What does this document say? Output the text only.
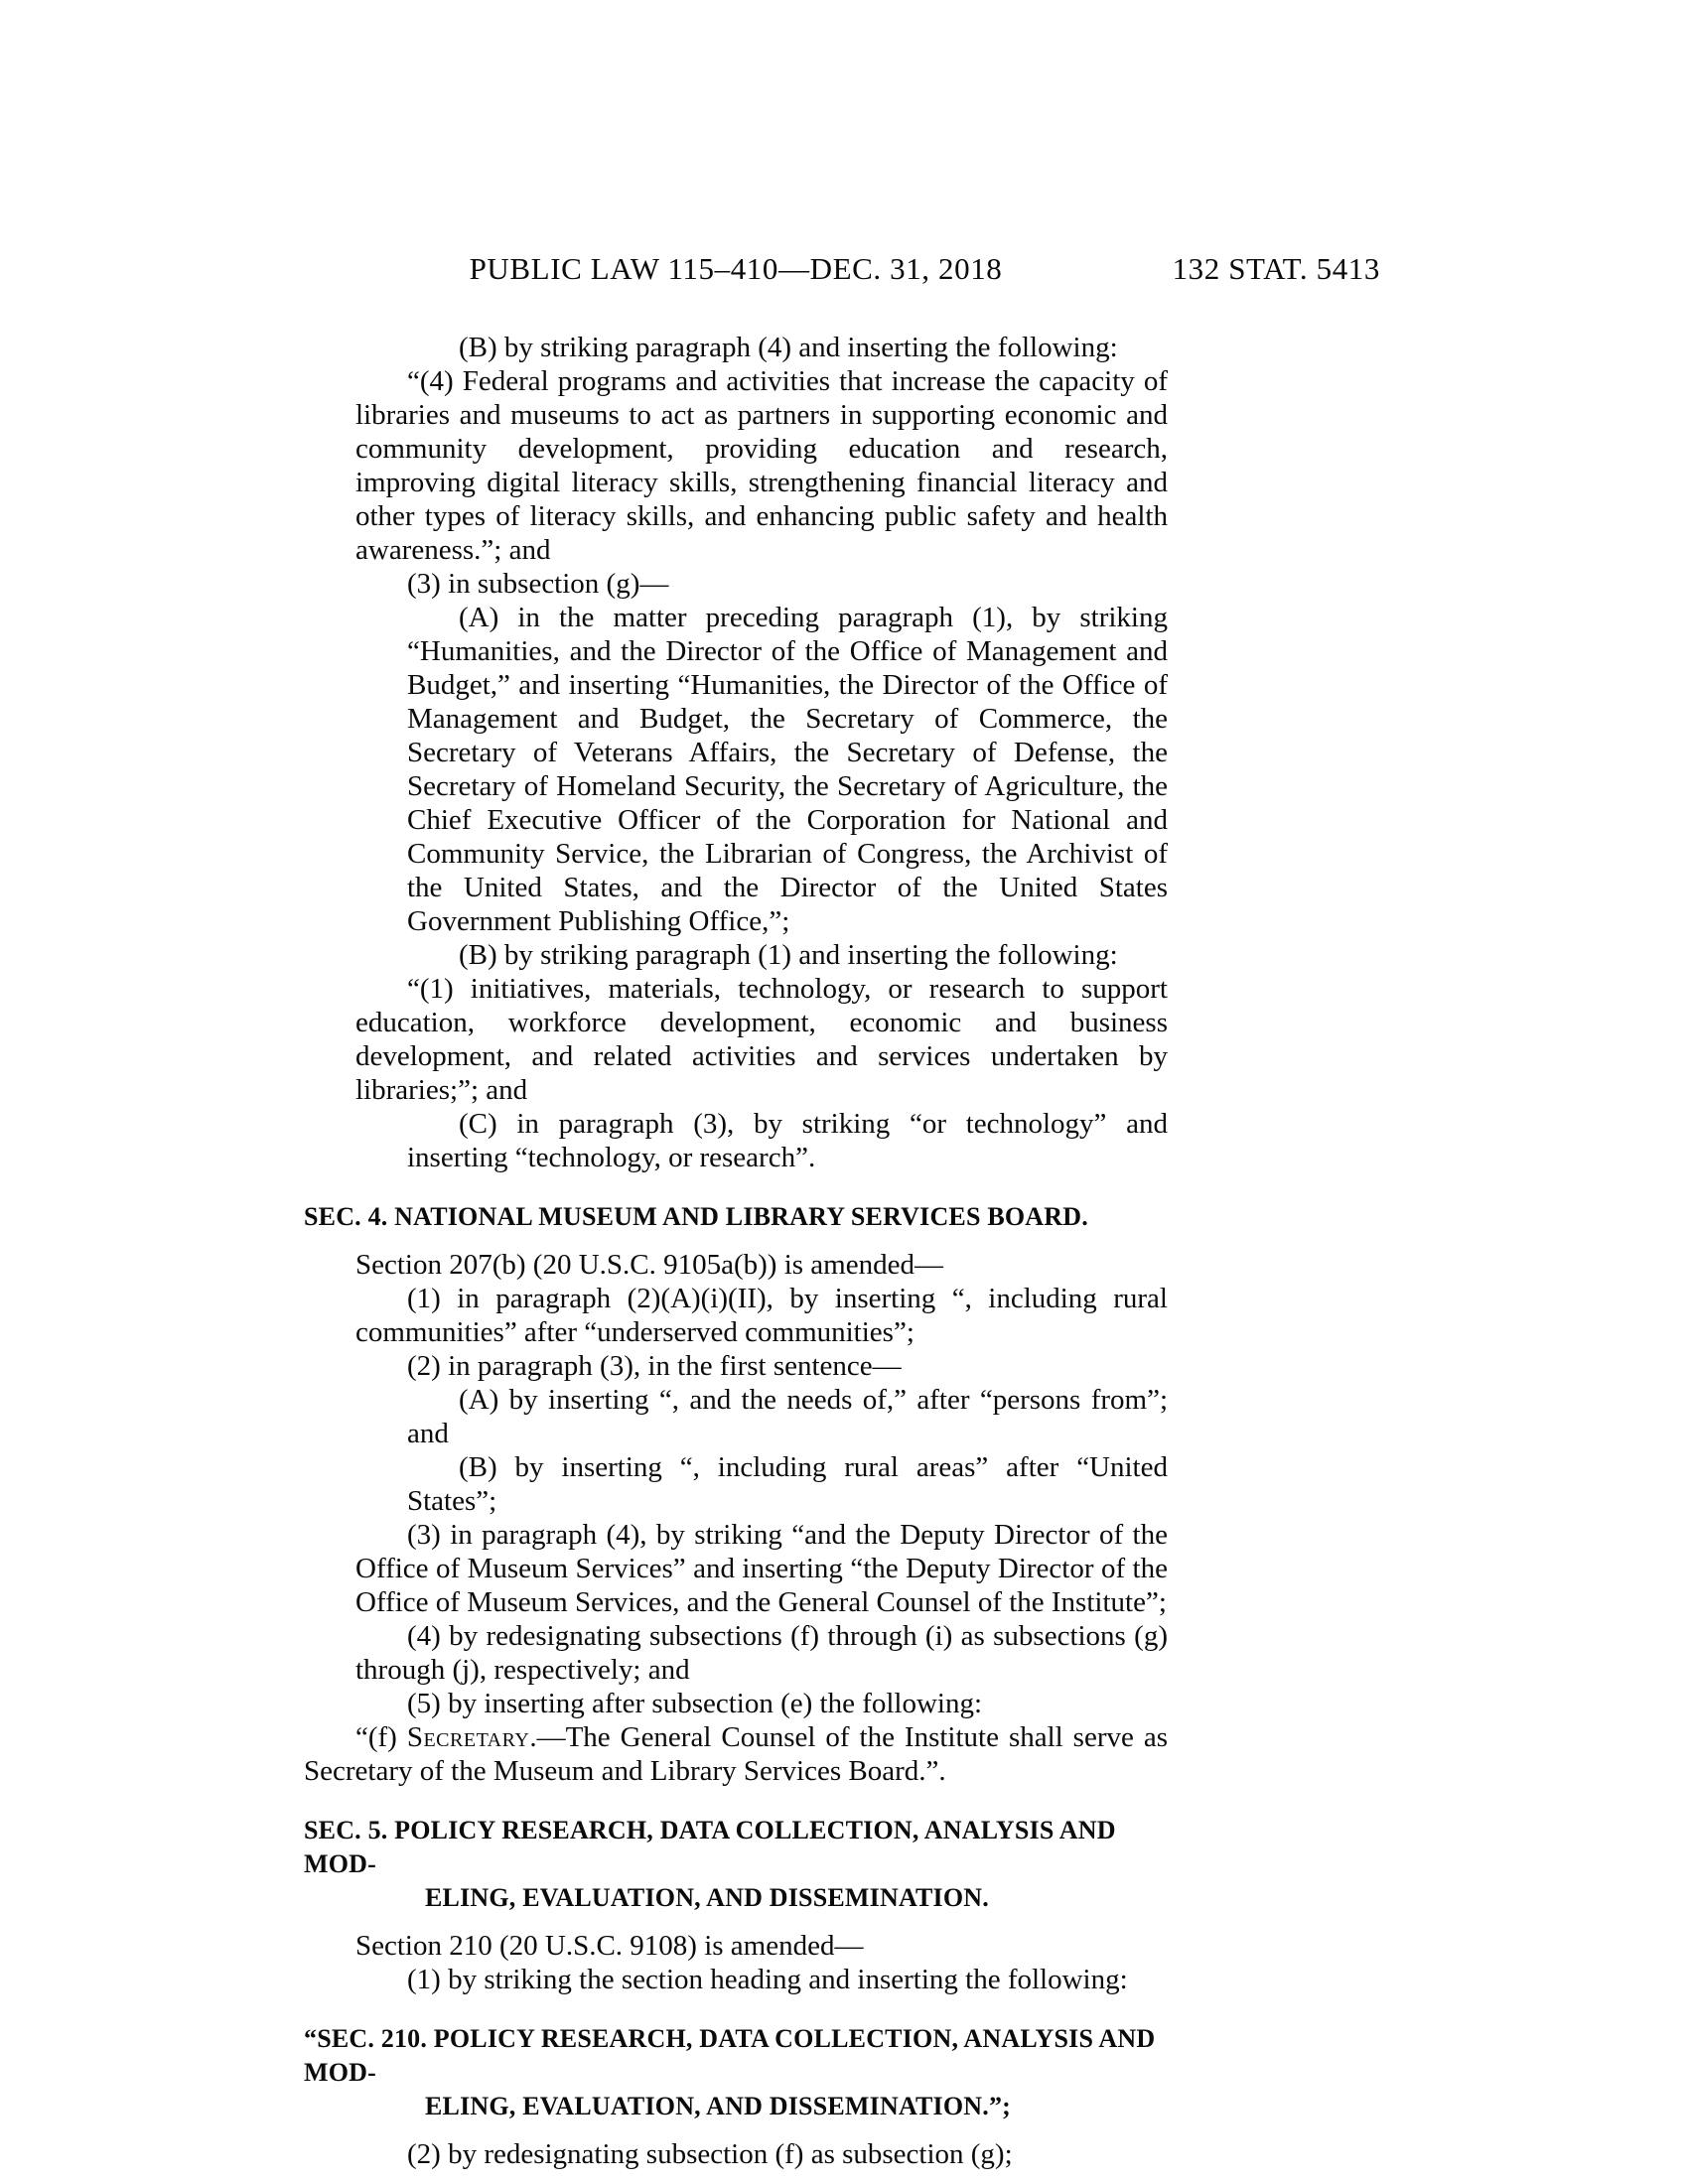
PUBLIC LAW 115–410—DEC. 31, 2018	132 STAT. 5413

(B) by striking paragraph (4) and inserting the following:

“(4) Federal programs and activities that increase the capacity of libraries and museums to act as partners in supporting economic and community development, providing education and research, improving digital literacy skills, strengthening financial literacy and other types of literacy skills, and enhancing public safety and health awareness.”; and

(3) in subsection (g)—

(A) in the matter preceding paragraph (1), by striking “Humanities, and the Director of the Office of Management and Budget,” and inserting “Humanities, the Director of the Office of Management and Budget, the Secretary of Commerce, the Secretary of Veterans Affairs, the Secretary of Defense, the Secretary of Homeland Security, the Secretary of Agriculture, the Chief Executive Officer of the Corporation for National and Community Service, the Librarian of Congress, the Archivist of the United States, and the Director of the United States Government Publishing Office,”;

(B) by striking paragraph (1) and inserting the following:

“(1) initiatives, materials, technology, or research to support education, workforce development, economic and business development, and related activities and services undertaken by libraries;”; and

(C) in paragraph (3), by striking “or technology” and inserting “technology, or research”.

SEC. 4. NATIONAL MUSEUM AND LIBRARY SERVICES BOARD.

Section 207(b) (20 U.S.C. 9105a(b)) is amended—

(1) in paragraph (2)(A)(i)(II), by inserting “, including rural communities” after “underserved communities”;

(2) in paragraph (3), in the first sentence—

(A) by inserting “, and the needs of,” after “persons from”; and

(B) by inserting “, including rural areas” after “United States”;

(3) in paragraph (4), by striking “and the Deputy Director of the Office of Museum Services” and inserting “the Deputy Director of the Office of Museum Services, and the General Counsel of the Institute”;

(4) by redesignating subsections (f) through (i) as subsections (g) through (j), respectively; and

(5) by inserting after subsection (e) the following:

“(f) Secretary.—The General Counsel of the Institute shall serve as Secretary of the Museum and Library Services Board.”.

SEC. 5. POLICY RESEARCH, DATA COLLECTION, ANALYSIS AND MOD-
ELING, EVALUATION, AND DISSEMINATION.

Section 210 (20 U.S.C. 9108) is amended—

(1) by striking the section heading and inserting the following:

“SEC. 210. POLICY RESEARCH, DATA COLLECTION, ANALYSIS AND MOD-
ELING, EVALUATION, AND DISSEMINATION.”;

(2) by redesignating subsection (f) as subsection (g);
